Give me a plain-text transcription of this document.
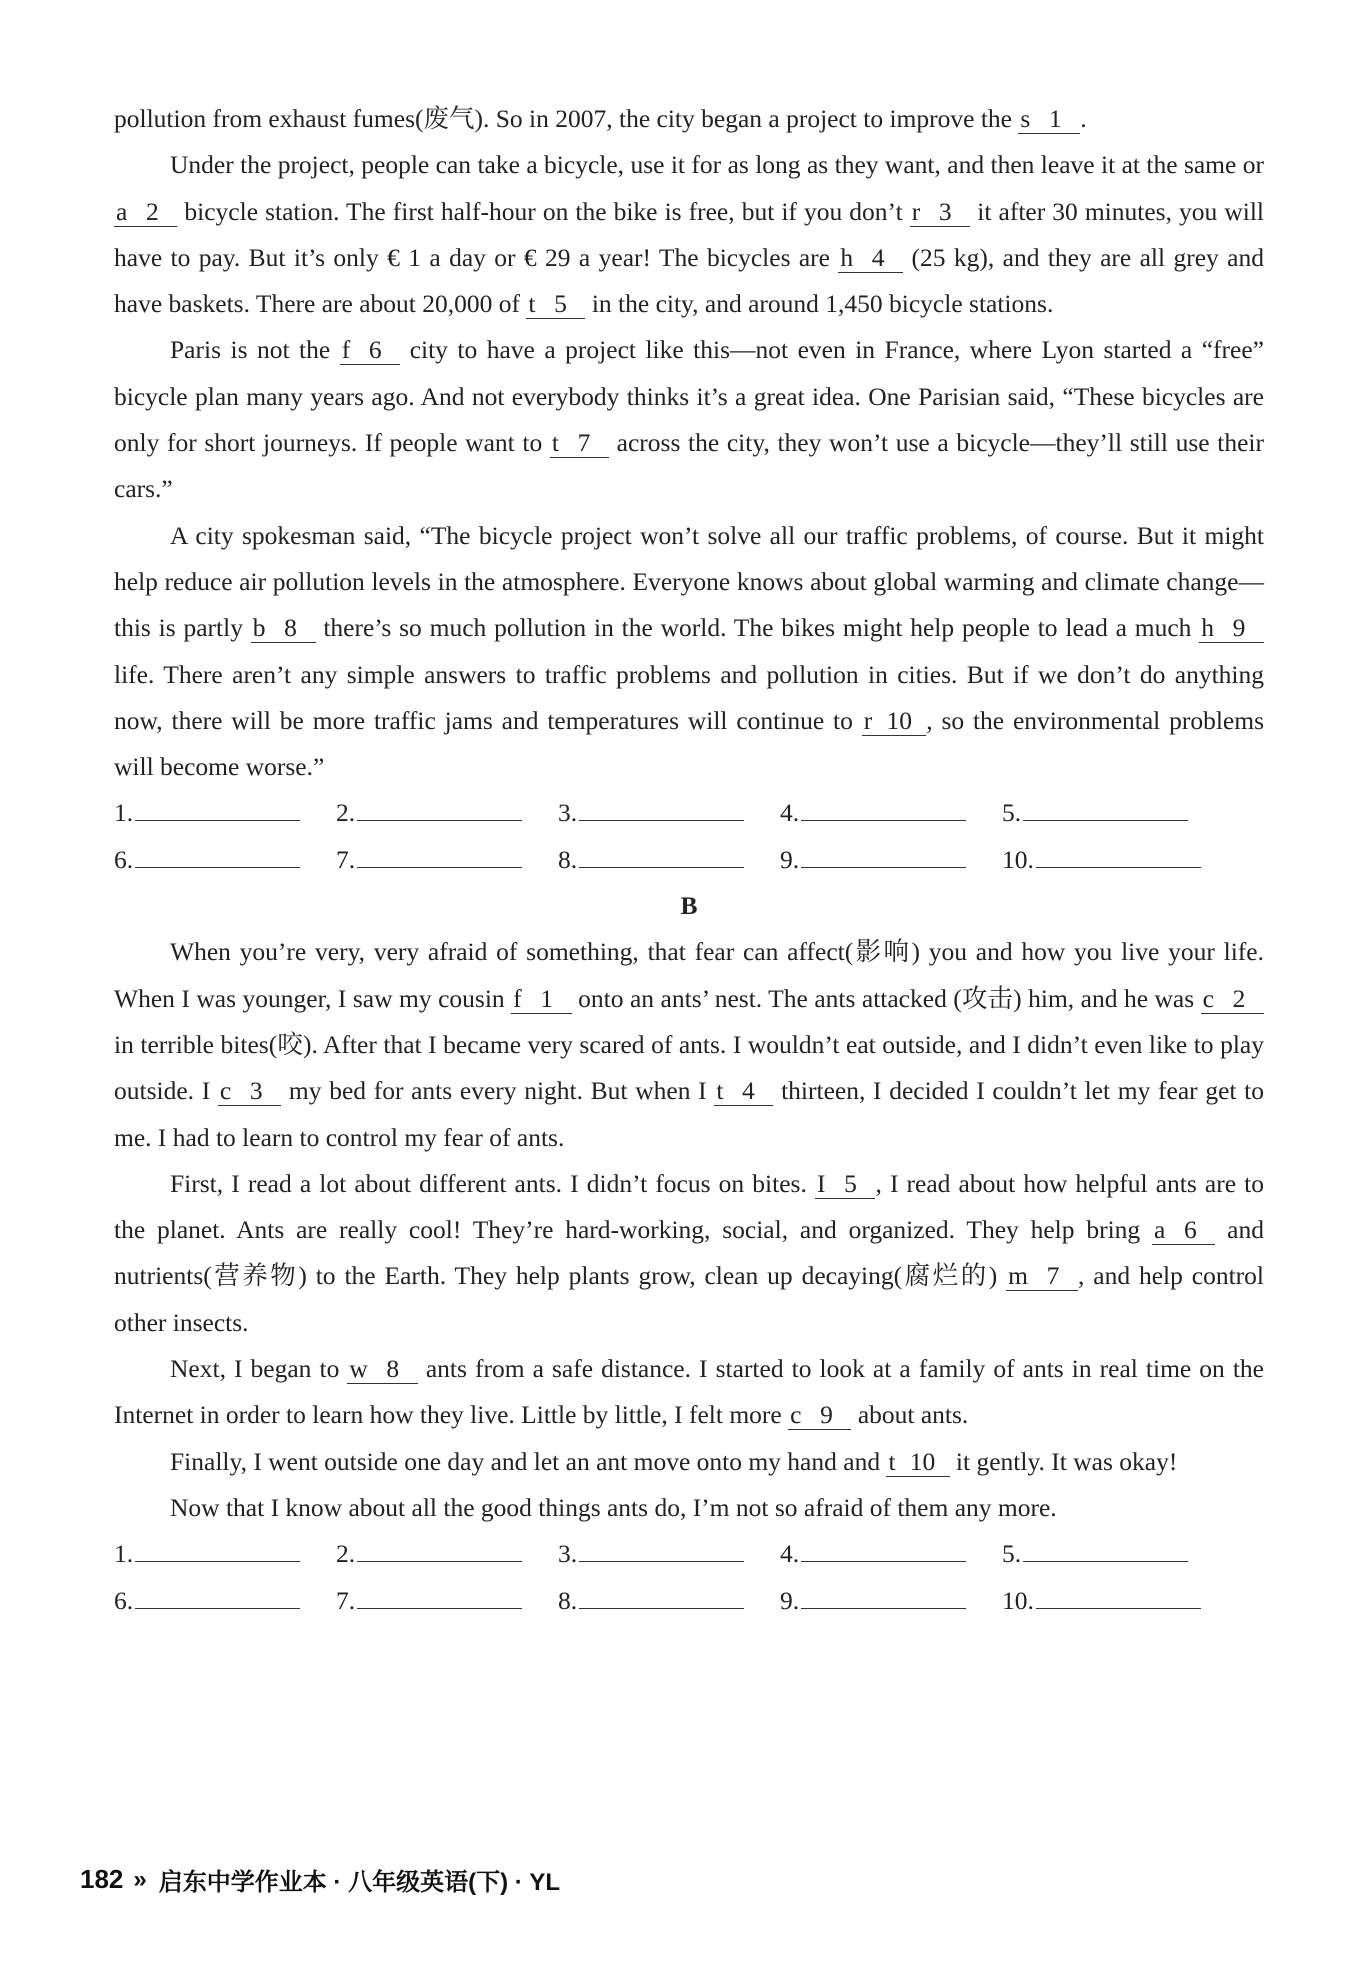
pollution from exhaust fumes(废气). So in 2007, the city began a project to improve the s 1 .

Under the project, people can take a bicycle, use it for as long as they want, and then leave it at the same or a 2 bicycle station. The first half-hour on the bike is free, but if you don’t r 3 it after 30 minutes, you will have to pay. But it’s only € 1 a day or € 29 a year! The bicycles are h 4 (25 kg), and they are all grey and have baskets. There are about 20,000 of t 5 in the city, and around 1,450 bicycle stations.

Paris is not the f 6 city to have a project like this—not even in France, where Lyon started a “free” bicycle plan many years ago. And not everybody thinks it’s a great idea. One Parisian said, “These bicycles are only for short journeys. If people want to t 7 across the city, they won’t use a bicycle—they’ll still use their cars.”

A city spokesman said, “The bicycle project won’t solve all our traffic problems, of course. But it might help reduce air pollution levels in the atmosphere. Everyone knows about global warming and climate change—this is partly b 8 there’s so much pollution in the world. The bikes might help people to lead a much h 9 life. There aren’t any simple answers to traffic problems and pollution in cities. But if we don’t do anything now, there will be more traffic jams and temperatures will continue to r 10 , so the environmental problems will become worse.”

1.	2.	3.	4.	5.
6.	7.	8.	9.	10.
B

When you’re very, very afraid of something, that fear can affect(影响) you and how you live your life. When I was younger, I saw my cousin f 1 onto an ants’ nest. The ants attacked (攻击) him, and he was c 2 in terrible bites(咬). After that I became very scared of ants. I wouldn’t eat outside, and I didn’t even like to play outside. I c 3 my bed for ants every night. But when I t 4 thirteen, I decided I couldn’t let my fear get to me. I had to learn to control my fear of ants.

First, I read a lot about different ants. I didn’t focus on bites. I 5 , I read about how helpful ants are to the planet. Ants are really cool! They’re hard-working, social, and organized. They help bring a 6 and nutrients(营养物) to the Earth. They help plants grow, clean up decaying(腐烂的) m 7 , and help control other insects.

Next, I began to w 8 ants from a safe distance. I started to look at a family of ants in real time on the Internet in order to learn how they live. Little by little, I felt more c 9 about ants.

Finally, I went outside one day and let an ant move onto my hand and t 10 it gently. It was okay!

Now that I know about all the good things ants do, I’m not so afraid of them any more.

1.	2.	3.	4.	5.
6.	7.	8.	9.	10.
182 » 启东中学作业本 · 八年级英语(下) · YL
